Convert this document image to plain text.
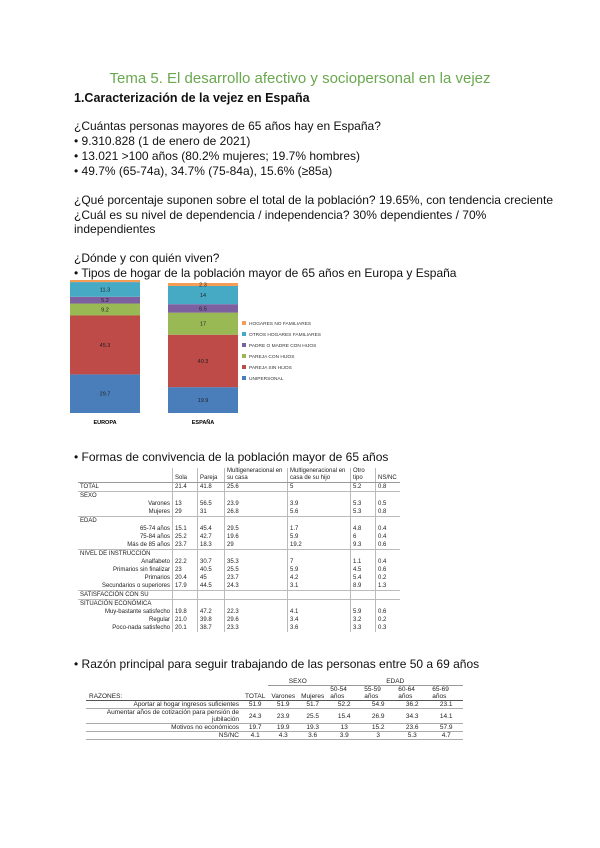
Tema 5. El desarrollo afectivo y sociopersonal en la vejez
1.Caracterización de la vejez en España
¿Cuántas personas mayores de 65 años hay en España?
• 9.310.828 (1 de enero de 2021)
• 13.021 >100 años (80.2% mujeres; 19.7% hombres)
• 49.7% (65-74a), 34.7% (75-84a), 15.6% (≥85a)
¿Qué porcentaje suponen sobre el total de la población? 19.65%, con tendencia creciente
¿Cuál es su nivel de dependencia / independencia? 30% dependientes / 70%
independientes
¿Dónde y con quién viven?
• Tipos de hogar de la población mayor de 65 años en Europa y España
29.7
45.3
9.2
5.2
11.3
EUROPA
19.9
40.3
17
6.5
14
2.3
ESPAÑA
HOGARES NO FAMILIARES
OTROS HOGARES FAMILIARES
PADRE O MADRE CON HIJOS
PAREJA CON HIJOS
PAREJA SIN HIJOS
UNIPERSONAL
• Formas de convivencia de la población mayor de 65 años
	Sola	Pareja	Multigeneracional en su casa	Multigeneracional en casa de su hijo	Otro tipo	NS/NC
TOTAL	21.4	41.8	25.6	5	5.2	0.8
SEXO						
Varones	13	56.5	23.9	3.9	5.3	0.5
Mujeres	29	31	26.8	5.6	5.3	0.8
EDAD						
65-74 años	15.1	45.4	29.5	1.7	4.8	0.4
75-84 años	25.2	42.7	19.6	5.9	6	0.4
Más de 85 años	23.7	18.3	29	19.2	9.3	0.6
NIVEL DE INSTRUCCIÓN						
Analfabeto	22.2	30.7	35.3	7	1.1	0.4
Primarios sin finalizar	23	40.5	25.5	5.9	4.5	0.6
Primarios	20.4	45	23.7	4.2	5.4	0.2
Secundarios o superiores	17.9	44.5	24.3	3.1	8.9	1.3
SATISFACCIÓN CON SU						
SITUACIÓN ECONÓMICA						
Muy-bastante satisfecho	19.8	47.2	22.3	4.1	5.9	0.6
Regular	21.0	39.8	29.6	3.4	3.2	0.2
Poco-nada satisfecho	20.1	38.7	23.3	3.6	3.3	0.3
• Razón principal para seguir trabajando de las personas entre 50 a 69 años
		SEXO		EDAD			
RAZONES:	TOTAL	Varones	Mujeres	50-54 años	55-59 años	60-64 años	65-69 años
Aportar al hogar ingresos suficientes	51.9	51.9	51.7	52.2	54.9	36.2	23.1
Aumentar años de cotización para pensión de jubilación	24.3	23.9	25.5	15.4	26.9	34.3	14.1
Motivos no económicos	19.7	19.9	19.3	13	15.2	23.6	57.9
NS/NC	4.1	4.3	3.6	3.9	3	5.3	4.7
